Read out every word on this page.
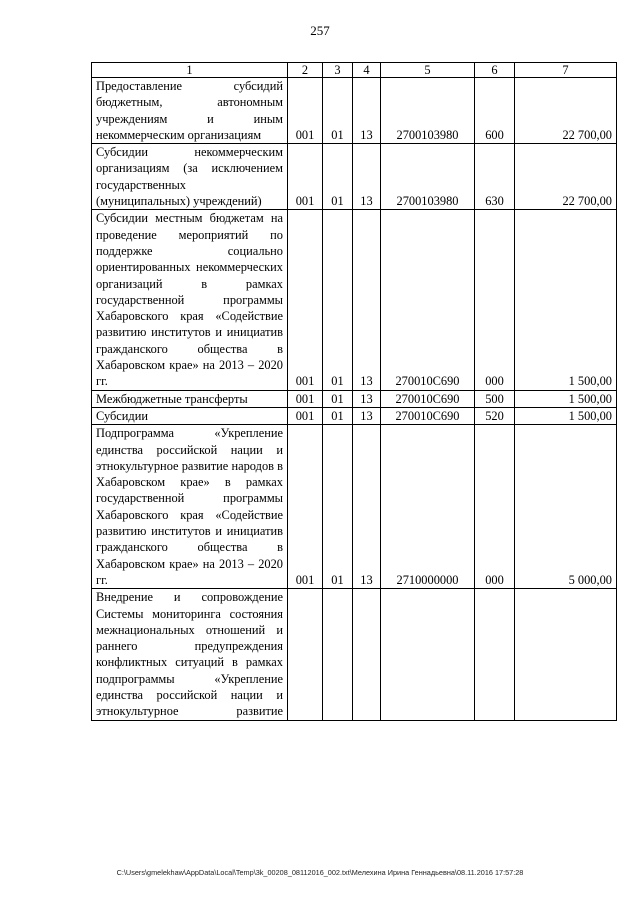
257
1	2	3	4	5	6	7
Предоставление субсидий бюджетным, автономным учреждениям и иным некоммерческим организациям	001	01	13	2700103980	600	22 700,00
Субсидии некоммерческим организациям (за исключением государственных (муниципальных) учреждений)	001	01	13	2700103980	630	22 700,00
Субсидии местным бюджетам на проведение мероприятий по поддержке социально ориентированных некоммерческих организаций в рамках государственной программы Хабаровского края «Содействие развитию институтов и инициатив гражданского общества в Хабаровском крае» на 2013 – 2020 гг.	001	01	13	270010С690	000	1 500,00
Межбюджетные трансферты	001	01	13	270010С690	500	1 500,00
Субсидии	001	01	13	270010С690	520	1 500,00
Подпрограмма «Укрепление единства российской нации и этнокультурное развитие народов в Хабаровском крае» в рамках государственной программы Хабаровского края «Содействие развитию институтов и инициатив гражданского общества в Хабаровском крае» на 2013 – 2020 гг.	001	01	13	2710000000	000	5 000,00
Внедрение и сопровождение Системы мониторинга состояния межнациональных отношений и раннего предупреждения конфликтных ситуаций в рамках подпрограммы «Укрепление единства российской нации и этнокультурное развитие						
C:\Users\gmelekhaw\AppData\Local\Temp\3k_00208_08112016_002.txt\Мелехина Ирина Геннадьевна\08.11.2016 17:57:28
